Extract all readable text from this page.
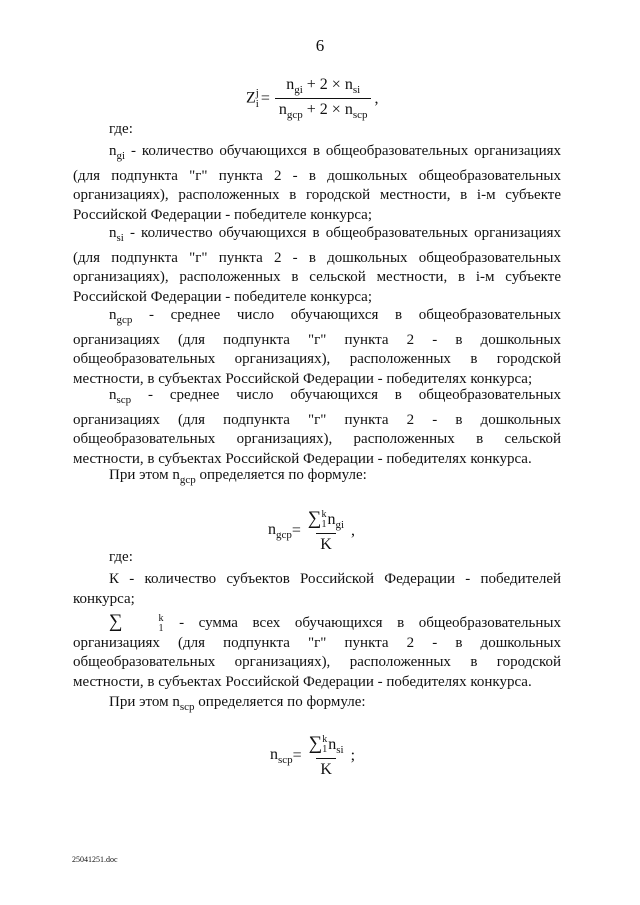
6
Z j
$i = \frac{n_{gi} + 2 \times n_{si}}{n_{gcp} + 2 \times n_{scp}}$ ,
где:

$n_{gi}$ - количество обучающихся в общеобразовательных организациях (для подпункта "г" пункта 2 - в дошкольных общеобразовательных организациях), расположенных в городской местности, в i-м субъекте Российской Федерации - победителе конкурса;

$n_{si}$ - количество обучающихся в общеобразовательных организациях (для подпункта "г" пункта 2 - в дошкольных общеобразовательных организациях), расположенных в сельской местности, в i-м субъекте Российской Федерации - победителе конкурса;

$n_{gcp}$ - среднее число обучающихся в общеобразовательных организациях (для подпункта "г" пункта 2 - в дошкольных общеобразовательных организациях), расположенных в городской местности, в субъектах Российской Федерации - победителях конкурса;

$n_{scp}$ - среднее число обучающихся в общеобразовательных организациях (для подпункта "г" пункта 2 - в дошкольных общеобразовательных организациях), расположенных в сельской местности, в субъектах Российской Федерации - победителях конкурса.

При этом $n_{gcp}$ определяется по формуле:

$n_{gcp}$ = ∑ k
1 $n_{gi}$
K ,
где:

К - количество субъектов Российской Федерации - победителей конкурса;

∑	k
1 - сумма всех обучающихся в общеобразовательных организациях (для подпункта "г" пункта 2 - в дошкольных общеобразовательных организациях), расположенных в городской местности, в субъектах Российской Федерации - победителях конкурса.

При этом $n_{scp}$ определяется по формуле:

$n_{scp}$ = ∑ k
1 $n_{si}$
K ;
25041251.doc
